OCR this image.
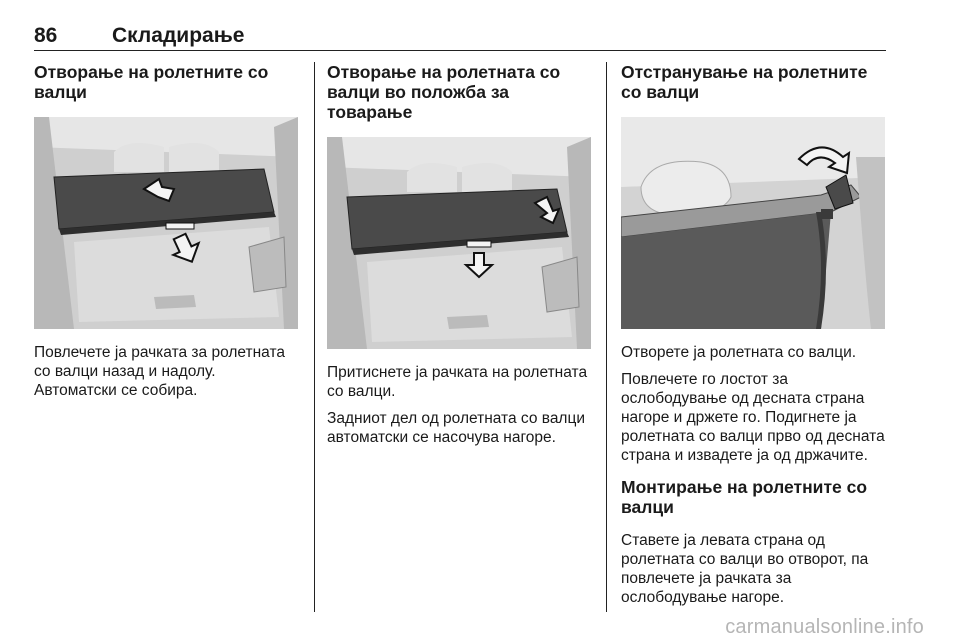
86	Складирање
Отворање на ролетните со валци

Повлечете ја рачката за ролетната со валци назад и надолу. Автоматски се собира.

Отворање на ролетната со валци во положба за товарање

Притиснете ја рачката на ролетната со валци.

Задниот дел од ролетната со валци автоматски се насочува нагоре.

Отстранување на ролетните со валци

Отворете ја ролетната со валци.

Повлечете го лостот за ослободување од десната страна нагоре и држете го. Подигнете ја ролетната со валци прво од десната страна и извадете ја од држачите.

Монтирање на ролетните со валци

Ставете ја левата страна од ролетната со валци во отворот, па повлечете ја рачката за ослободување нагоре.

carmanualsonline.info
